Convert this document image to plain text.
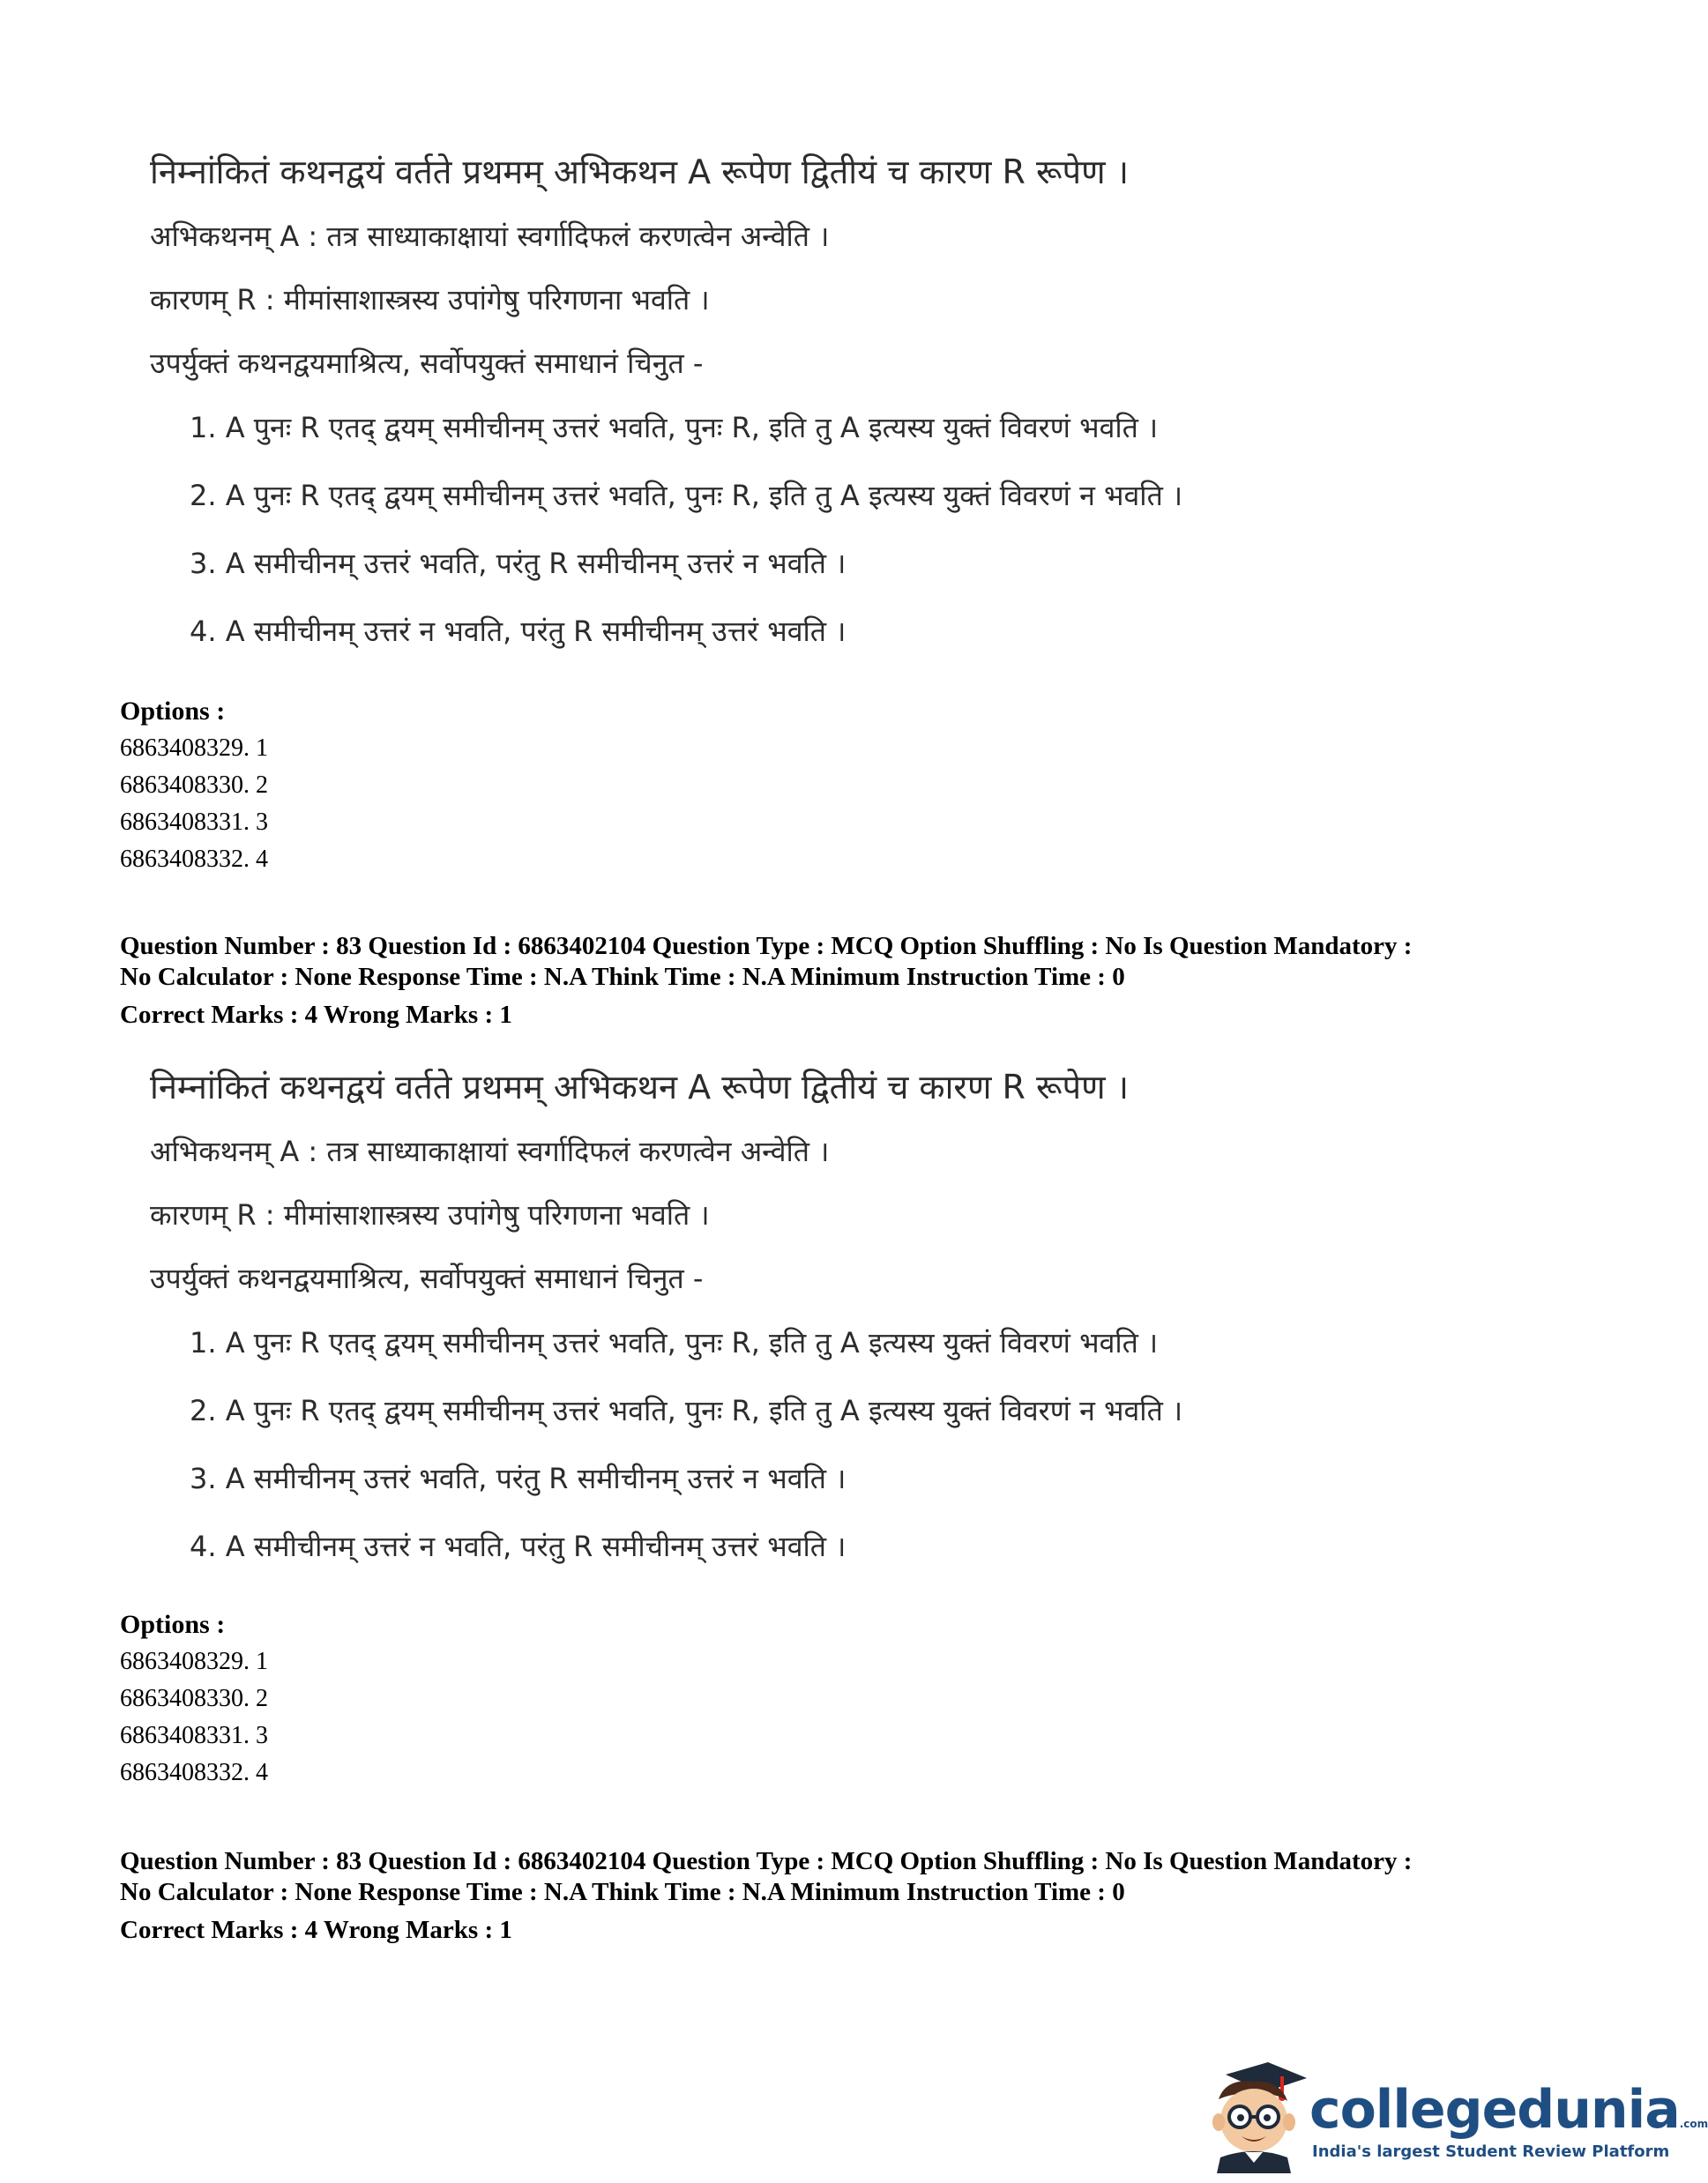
निम्नांकितं कथनद्वयं वर्तते प्रथमम् अभिकथन A रूपेण द्वितीयं च कारण R रूपेण ।

अभिकथनम् A : तत्र साध्याकाक्षायां स्वर्गादिफलं करणत्वेन अन्वेति ।

कारणम् R : मीमांसाशास्त्रस्य उपांगेषु परिगणना भवति ।

उपर्युक्तं कथनद्वयमाश्रित्य, सर्वोपयुक्तं समाधानं चिनुत -

1. A पुनः R एतद् द्वयम् समीचीनम् उत्तरं भवति, पुनः R, इति तु A इत्यस्य युक्तं विवरणं भवति ।

2. A पुनः R एतद् द्वयम् समीचीनम् उत्तरं भवति, पुनः R, इति तु A इत्यस्य युक्तं विवरणं न भवति ।

3. A समीचीनम् उत्तरं भवति, परंतु R समीचीनम् उत्तरं न भवति ।

4. A समीचीनम् उत्तरं न भवति, परंतु R समीचीनम् उत्तरं भवति ।

Options :

6863408329. 1

6863408330. 2

6863408331. 3

6863408332. 4

Question Number : 83 Question Id : 6863402104 Question Type : MCQ Option Shuffling : No Is Question Mandatory :

No Calculator : None Response Time : N.A Think Time : N.A Minimum Instruction Time : 0

Correct Marks : 4 Wrong Marks : 1

निम्नांकितं कथनद्वयं वर्तते प्रथमम् अभिकथन A रूपेण द्वितीयं च कारण R रूपेण ।

अभिकथनम् A : तत्र साध्याकाक्षायां स्वर्गादिफलं करणत्वेन अन्वेति ।

कारणम् R : मीमांसाशास्त्रस्य उपांगेषु परिगणना भवति ।

उपर्युक्तं कथनद्वयमाश्रित्य, सर्वोपयुक्तं समाधानं चिनुत -

1. A पुनः R एतद् द्वयम् समीचीनम् उत्तरं भवति, पुनः R, इति तु A इत्यस्य युक्तं विवरणं भवति ।

2. A पुनः R एतद् द्वयम् समीचीनम् उत्तरं भवति, पुनः R, इति तु A इत्यस्य युक्तं विवरणं न भवति ।

3. A समीचीनम् उत्तरं भवति, परंतु R समीचीनम् उत्तरं न भवति ।

4. A समीचीनम् उत्तरं न भवति, परंतु R समीचीनम् उत्तरं भवति ।

Options :

6863408329. 1

6863408330. 2

6863408331. 3

6863408332. 4

Question Number : 83 Question Id : 6863402104 Question Type : MCQ Option Shuffling : No Is Question Mandatory :

No Calculator : None Response Time : N.A Think Time : N.A Minimum Instruction Time : 0

Correct Marks : 4 Wrong Marks : 1

collegedunia.com
India's largest Student Review Platform
